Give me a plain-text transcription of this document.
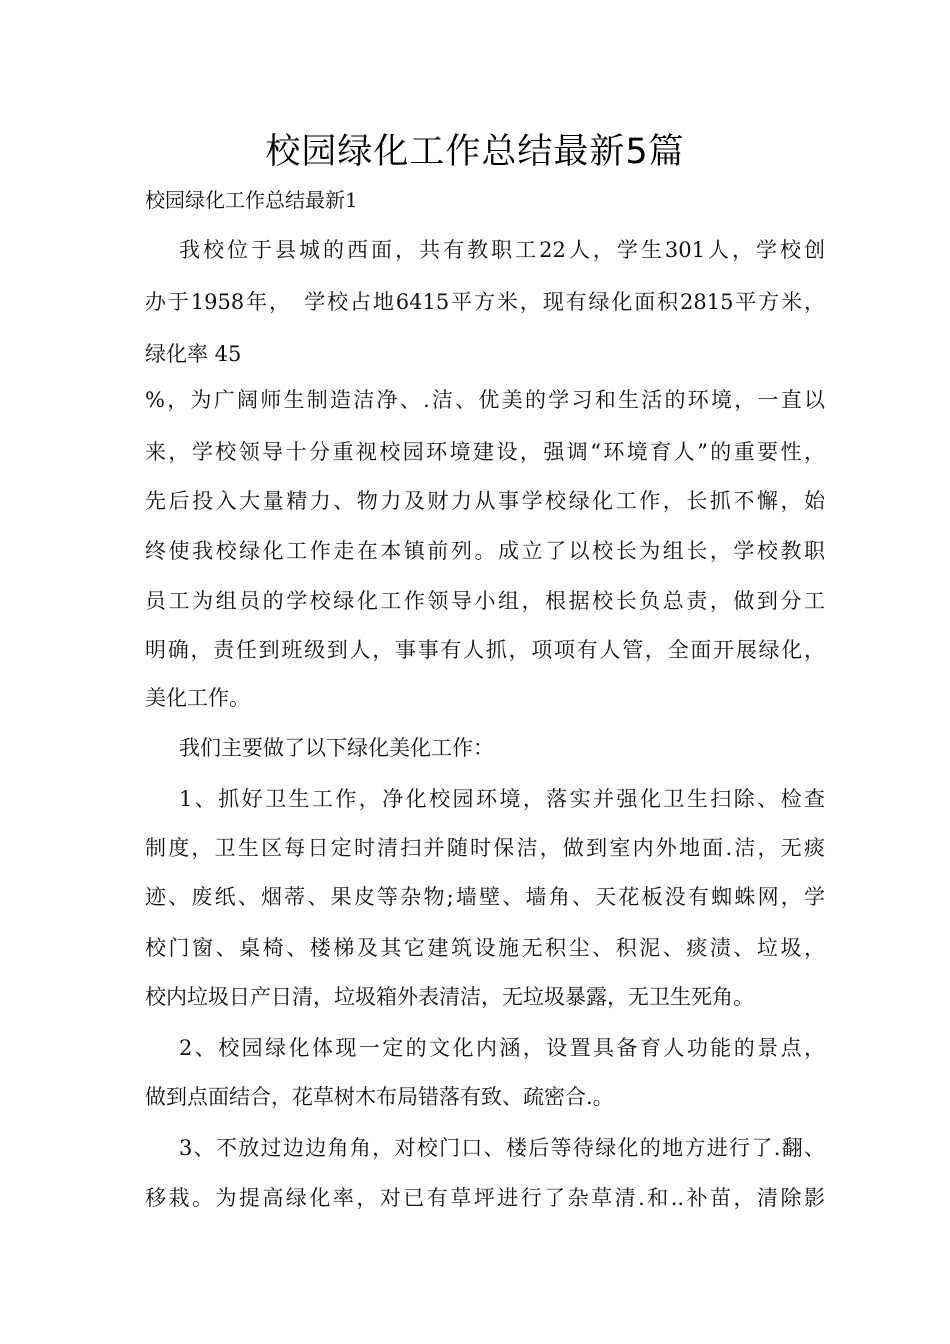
校园绿化工作总结最新5篇
校园绿化工作总结最新1
我校位于县城的西面，共有教职工22人，学生301人，学校创
办于1958年，　学校占地6415平方米，现有绿化面积2815平方米，
绿化率 45
%，为广阔师生制造洁净、.洁、优美的学习和生活的环境，一直以
来，学校领导十分重视校园环境建设，强调“环境育人”的重要性，
先后投入大量精力、物力及财力从事学校绿化工作，长抓不懈，始
终使我校绿化工作走在本镇前列。成立了以校长为组长，学校教职
员工为组员的学校绿化工作领导小组，根据校长负总责，做到分工
明确，责任到班级到人，事事有人抓，项项有人管，全面开展绿化，
美化工作。
我们主要做了以下绿化美化工作：
1、抓好卫生工作，净化校园环境，落实并强化卫生扫除、检查
制度，卫生区每日定时清扫并随时保洁，做到室内外地面.洁，无痰
迹、废纸、烟蒂、果皮等杂物;墙壁、墙角、天花板没有蜘蛛网，学
校门窗、桌椅、楼梯及其它建筑设施无积尘、积泥、痰渍、垃圾，
校内垃圾日产日清，垃圾箱外表清洁，无垃圾暴露，无卫生死角。
2、校园绿化体现一定的文化内涵，设置具备育人功能的景点，
做到点面结合，花草树木布局错落有致、疏密合.。
3、不放过边边角角，对校门口、楼后等待绿化的地方进行了.翻、
移栽。为提高绿化率，对已有草坪进行了杂草清.和..补苗，清除影
